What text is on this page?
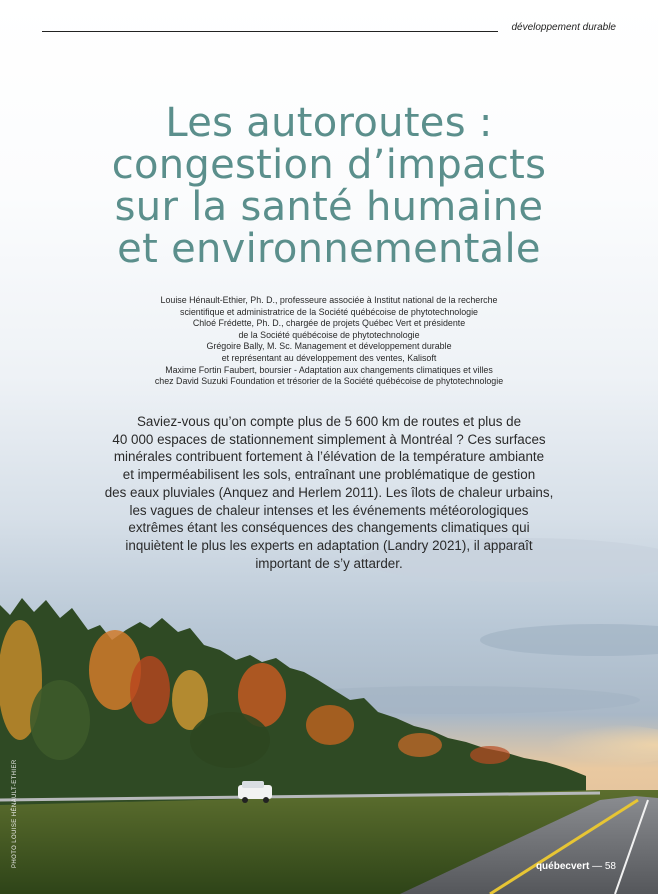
développement durable
Les autoroutes :
congestion d’impacts
sur la santé humaine
et environnementale
Louise Hénault-Ethier, Ph. D., professeure associée à Institut national de la recherche
scientifique et administratrice de la Société québécoise de phytotechnologie
Chloé Frédette, Ph. D., chargée de projets Québec Vert et présidente
de la Société québécoise de phytotechnologie
Grégoire Bally, M. Sc. Management et développement durable
et représentant au développement des ventes, Kalisoft
Maxime Fortin Faubert, boursier - Adaptation aux changements climatiques et villes
chez David Suzuki Foundation et trésorier de la Société québécoise de phytotechnologie
Saviez-vous qu’on compte plus de 5 600 km de routes et plus de
40 000 espaces de stationnement simplement à Montréal ? Ces surfaces
minérales contribuent fortement à l’élévation de la température ambiante
et imperméabilisent les sols, entraînant une problématique de gestion
des eaux pluviales (Anquez and Herlem 2011). Les îlots de chaleur urbains,
les vagues de chaleur intenses et les événements météorologiques
extrêmes étant les conséquences des changements climatiques qui
inquiètent le plus les experts en adaptation (Landry 2021), il apparaît
important de s’y attarder.
PHOTO LOUISE HÉNAULT-ETHIER	québecvert — 58
